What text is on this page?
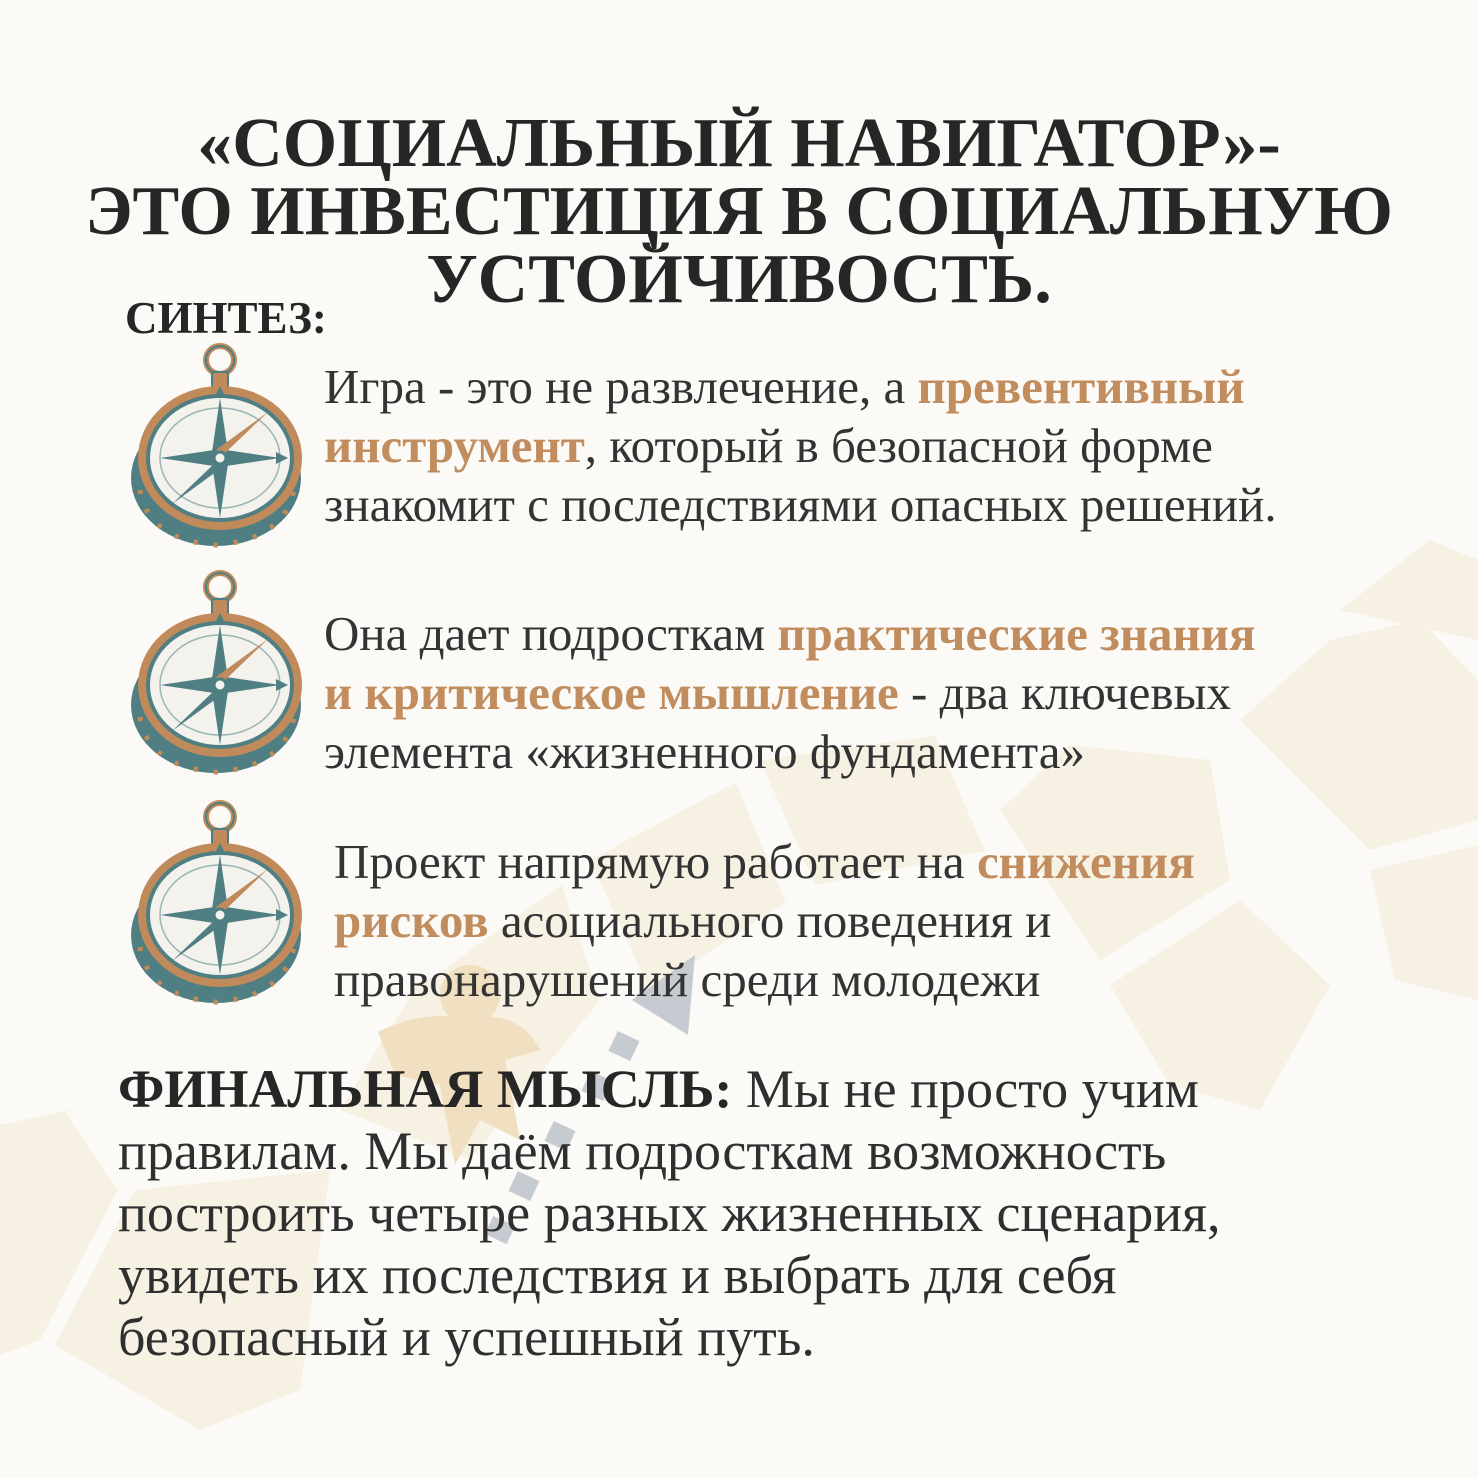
«СОЦИАЛЬНЫЙ НАВИГАТОР»-
ЭТО ИНВЕСТИЦИЯ В СОЦИАЛЬНУЮ
УСТОЙЧИВОСТЬ.
СИНТЕЗ:
Игра - это не развлечение, а превентивный
инструмент, который в безопасной форме
знакомит с последствиями опасных решений.
Она дает подросткам практические знания
и критическое мышление - два ключевых
элемента «жизненного фундамента»
Проект напрямую работает на снижения
рисков асоциального поведения и
правонарушений среди молодежи
ФИНАЛЬНАЯ МЫСЛЬ: Мы не просто учим
правилам. Мы даём подросткам возможность
построить четыре разных жизненных сценария,
увидеть их последствия и выбрать для себя
безопасный и успешный путь.
